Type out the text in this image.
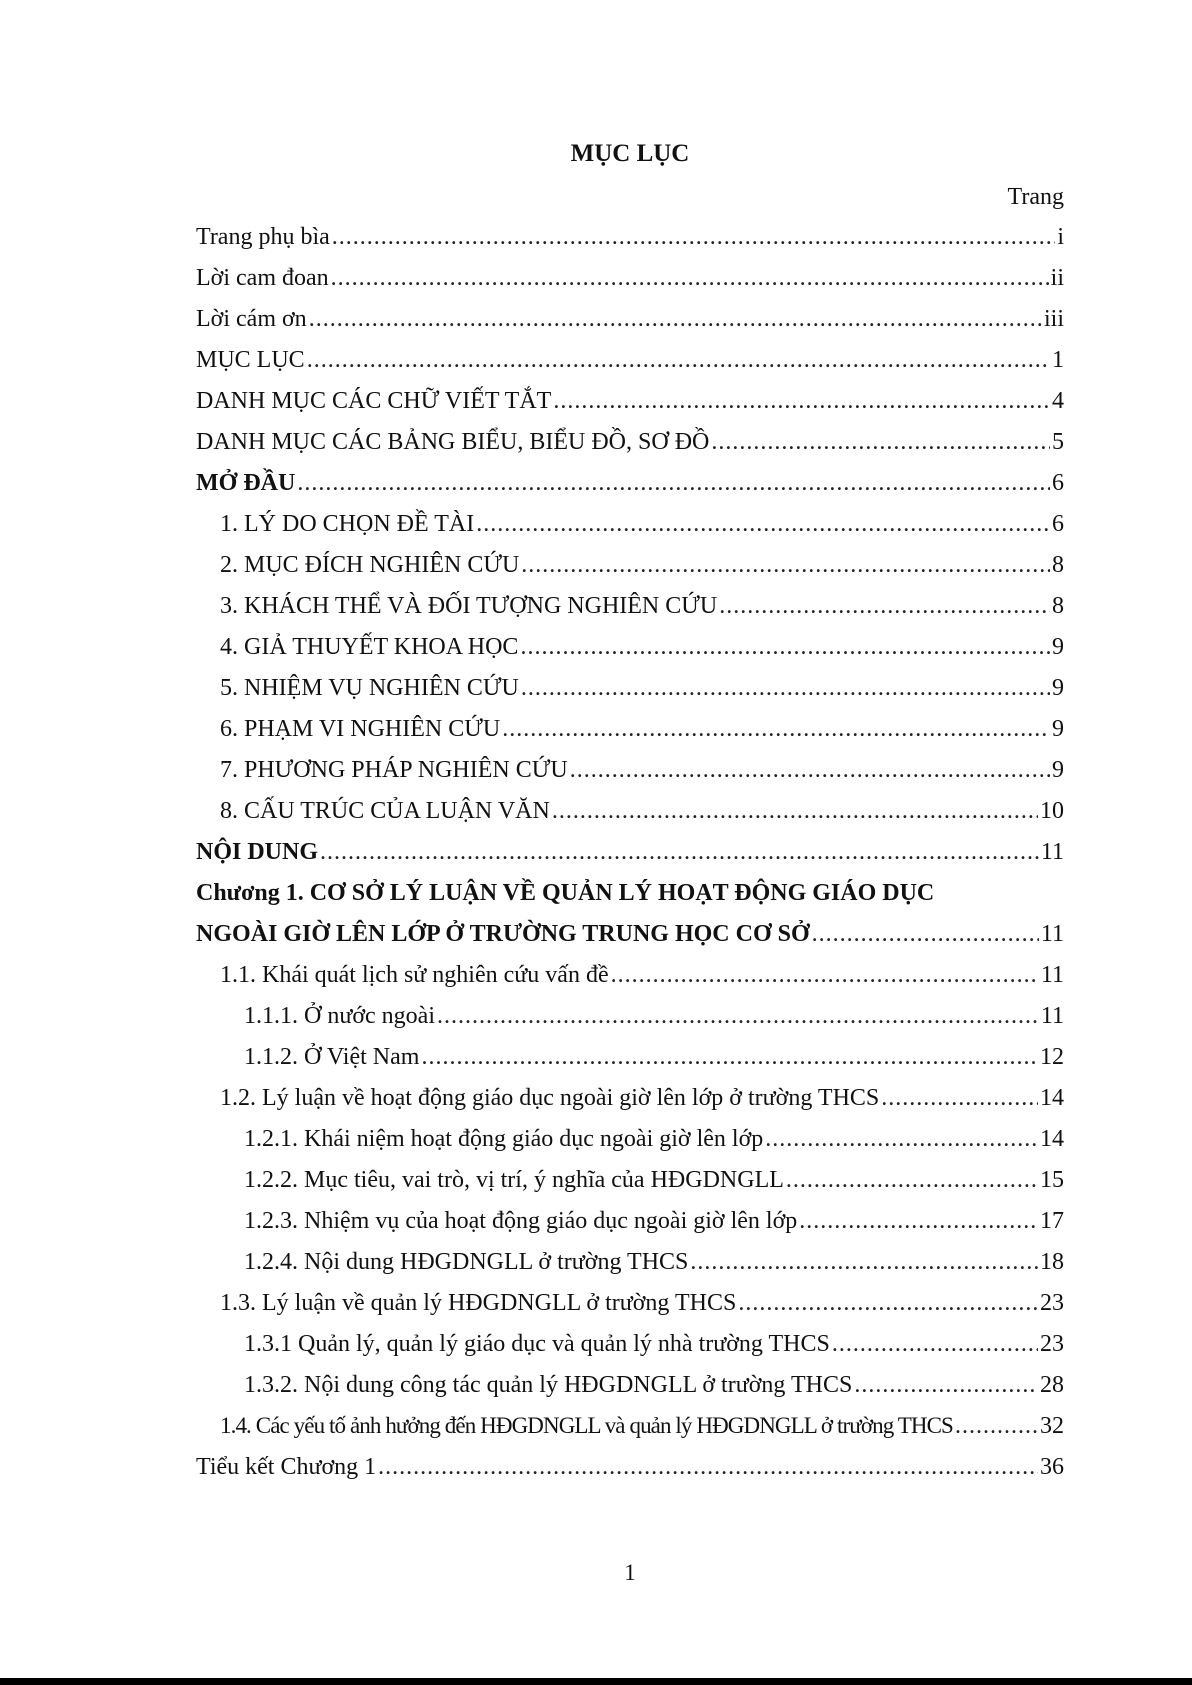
MỤC LỤC
Trang
Trang phụ bìa .....	i
Lời cam đoan .....	ii
Lời cám ơn .....	iii
MỤC LỤC .....	1
DANH MỤC CÁC CHỮ VIẾT TẮT .....	4
DANH MỤC CÁC BẢNG BIỂU, BIỂU ĐỒ, SƠ ĐỒ .....	5
MỞ ĐẦU .....	6
1. LÝ DO CHỌN ĐỀ TÀI .....	6
2. MỤC ĐÍCH NGHIÊN CỨU .....	8
3. KHÁCH THỂ VÀ ĐỐI TƯỢNG NGHIÊN CỨU .....	8
4. GIẢ THUYẾT KHOA HỌC .....	9
5. NHIỆM VỤ NGHIÊN CỨU .....	9
6. PHẠM VI NGHIÊN CỨU .....	9
7. PHƯƠNG PHÁP NGHIÊN CỨU .....	9
8. CẤU TRÚC CỦA LUẬN VĂN .....	10
NỘI DUNG .....	11
Chương 1. CƠ SỞ LÝ LUẬN VỀ QUẢN LÝ HOẠT ĐỘNG GIÁO DỤC
NGOÀI GIỜ LÊN LỚP Ở TRƯỜNG TRUNG HỌC CƠ SỞ .....	11
1.1. Khái quát lịch sử nghiên cứu vấn đề .....	11
1.1.1. Ở nước ngoài .....	11
1.1.2. Ở Việt Nam .....	12
1.2. Lý luận về hoạt động giáo dục ngoài giờ lên lớp ở trường THCS .....	14
1.2.1. Khái niệm hoạt động giáo dục ngoài giờ lên lớp .....	14
1.2.2. Mục tiêu, vai trò, vị trí, ý nghĩa của HĐGDNGLL .....	15
1.2.3. Nhiệm vụ của hoạt động giáo dục ngoài giờ lên lớp .....	17
1.2.4. Nội dung HĐGDNGLL ở trường THCS .....	18
1.3. Lý luận về quản lý HĐGDNGLL ở trường THCS .....	23
1.3.1 Quản lý, quản lý giáo dục và quản lý nhà trường THCS .....	23
1.3.2. Nội dung công tác quản lý HĐGDNGLL ở trường THCS .....	28
1.4. Các yếu tố ảnh hưởng đến HĐGDNGLL và quản lý HĐGDNGLL ở trường THCS .....	32
Tiểu kết Chương 1 .....	36
1
